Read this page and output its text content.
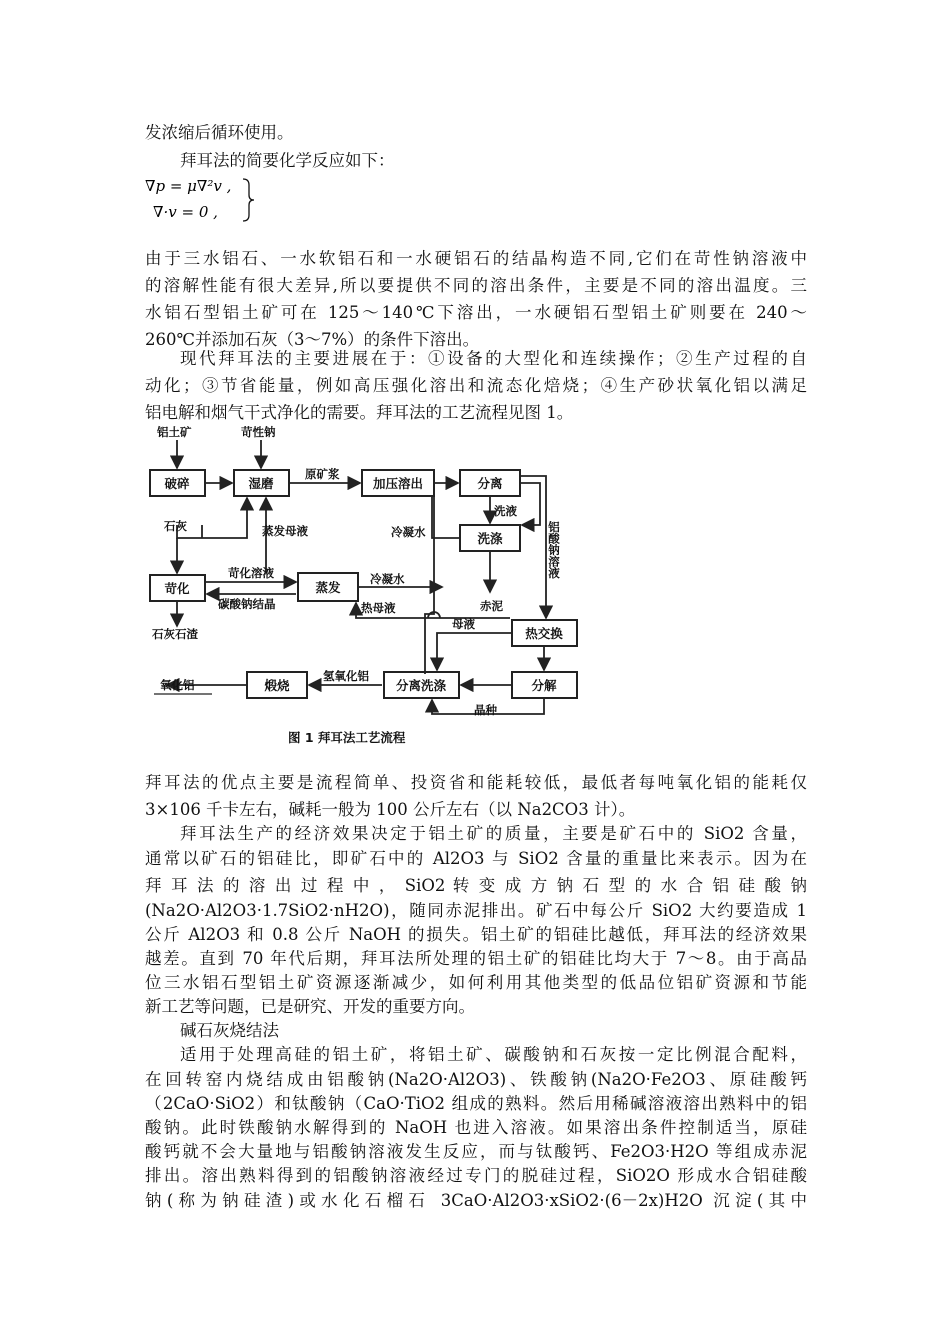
发浓缩后循环使用。
拜耳法的简要化学反应如下：
∇p = μ∇²v ,
∇·v = 0 ,
由于三水铝石、一水软铝石和一水硬铝石的结晶构造不同,它们在苛性钠溶液中
的溶解性能有很大差异,所以要提供不同的溶出条件，主要是不同的溶出温度。三
水铝石型铝土矿可在 125～140℃下溶出，一水硬铝石型铝土矿则要在 240～
260℃并添加石灰（3～7%）的条件下溶出。
现代拜耳法的主要进展在于：①设备的大型化和连续操作；②生产过程的自
动化；③节省能量，例如高压强化溶出和流态化焙烧；④生产砂状氧化铝以满足
铝电解和烟气干式净化的需要。拜耳法的工艺流程见图 1。
破碎	湿磨	加压溶出	分离
洗涤
苛化	蒸发
热交换
煅烧	分离洗涤	分解
铝土矿	苛性钠
原矿浆
石灰	蒸发母液
洗液
铝酸钠溶液
冷凝水
赤泥
苛化溶液
碳酸钠结晶
冷凝水
热母液
石灰石渣
母液
氧化铝
氢氧化铝
晶种
图 1 拜耳法工艺流程
拜耳法的优点主要是流程简单、投资省和能耗较低，最低者每吨氧化铝的能耗仅
3×106 千卡左右，碱耗一般为 100 公斤左右（以 Na2CO3 计）。
拜耳法生产的经济效果决定于铝土矿的质量，主要是矿石中的 SiO2 含量，
通常以矿石的铝硅比，即矿石中的 Al2O3 与 SiO2 含量的重量比来表示。因为在
拜 耳 法 的 溶 出 过 程 中 ， SiO2 转 变 成 方 钠 石 型 的 水 合 铝 硅 酸 钠
(Na2O·Al2O3·1.7SiO2·nH2O)，随同赤泥排出。矿石中每公斤 SiO2 大约要造成 1
公斤 Al2O3 和 0.8 公斤 NaOH 的损失。铝土矿的铝硅比越低，拜耳法的经济效果
越差。直到 70 年代后期，拜耳法所处理的铝土矿的铝硅比均大于 7～8。由于高品
位三水铝石型铝土矿资源逐渐减少，如何利用其他类型的低品位铝矿资源和节能
新工艺等问题，已是研究、开发的重要方向。
碱石灰烧结法
适用于处理高硅的铝土矿，将铝土矿、碳酸钠和石灰按一定比例混合配料，
在回转窑内烧结成由铝酸钠(Na2O·Al2O3)、铁酸钠(Na2O·Fe2O3、原硅酸钙
（2CaO·SiO2）和钛酸钠（CaO·TiO2 组成的熟料。然后用稀碱溶液溶出熟料中的铝
酸钠。此时铁酸钠水解得到的 NaOH 也进入溶液。如果溶出条件控制适当，原硅
酸钙就不会大量地与铝酸钠溶液发生反应，而与钛酸钙、Fe2O3·H2O 等组成赤泥
排出。溶出熟料得到的铝酸钠溶液经过专门的脱硅过程，SiO2O 形成水合铝硅酸
钠(称为钠硅渣)或水化石榴石 3CaO·Al2O3·xSiO2·(6－2x)H2O 沉淀(其中
